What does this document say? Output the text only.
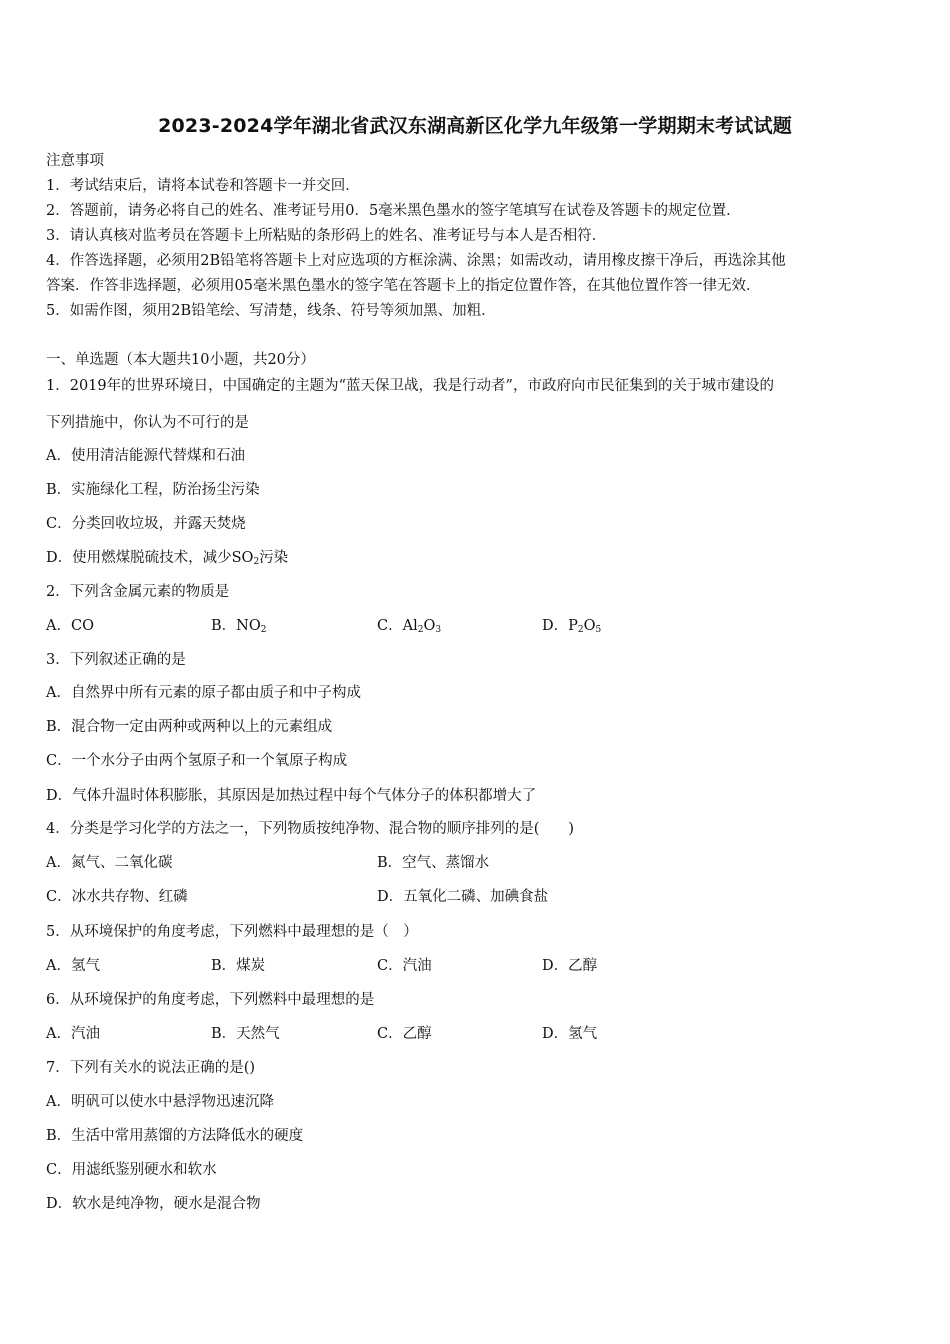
2023-2024学年湖北省武汉东湖高新区化学九年级第一学期期末考试试题
注意事项
1．考试结束后，请将本试卷和答题卡一并交回．
2．答题前，请务必将自己的姓名、准考证号用0．5毫米黑色墨水的签字笔填写在试卷及答题卡的规定位置．
3．请认真核对监考员在答题卡上所粘贴的条形码上的姓名、准考证号与本人是否相符．
4．作答选择题，必须用2B铅笔将答题卡上对应选项的方框涂满、涂黑；如需改动，请用橡皮擦干净后，再选涂其他
答案．作答非选择题，必须用05毫米黑色墨水的签字笔在答题卡上的指定位置作答，在其他位置作答一律无效．
5．如需作图，须用2B铅笔绘、写清楚，线条、符号等须加黑、加粗．
一、单选题（本大题共10小题，共20分）
1．2019年的世界环境日，中国确定的主题为“蓝天保卫战，我是行动者”，市政府向市民征集到的关于城市建设的
下列措施中，你认为不可行的是
A．使用清洁能源代替煤和石油
B．实施绿化工程，防治扬尘污染
C．分类回收垃圾，并露天焚烧
D．使用燃煤脱硫技术，减少$SO_2$污染
2．下列含金属元素的物质是
A．CO	B．$NO_2$	C．$Al_2O_3$	D．$P_2O_5$
3．下列叙述正确的是
A．自然界中所有元素的原子都由质子和中子构成
B．混合物一定由两种或两种以上的元素组成
C．一个水分子由两个氢原子和一个氧原子构成
D．气体升温时体积膨胀，其原因是加热过程中每个气体分子的体积都增大了
4．分类是学习化学的方法之一，下列物质按纯净物、混合物的顺序排列的是(　　)
A．氮气、二氧化碳	B．空气、蒸馏水
C．冰水共存物、红磷	D．五氧化二磷、加碘食盐
5．从环境保护的角度考虑，下列燃料中最理想的是（　）
A．氢气	B．煤炭	C．汽油	D．乙醇
6．从环境保护的角度考虑，下列燃料中最理想的是
A．汽油	B．天然气	C．乙醇	D．氢气
7．下列有关水的说法正确的是()
A．明矾可以使水中悬浮物迅速沉降
B．生活中常用蒸馏的方法降低水的硬度
C．用滤纸鉴别硬水和软水
D．软水是纯净物，硬水是混合物
